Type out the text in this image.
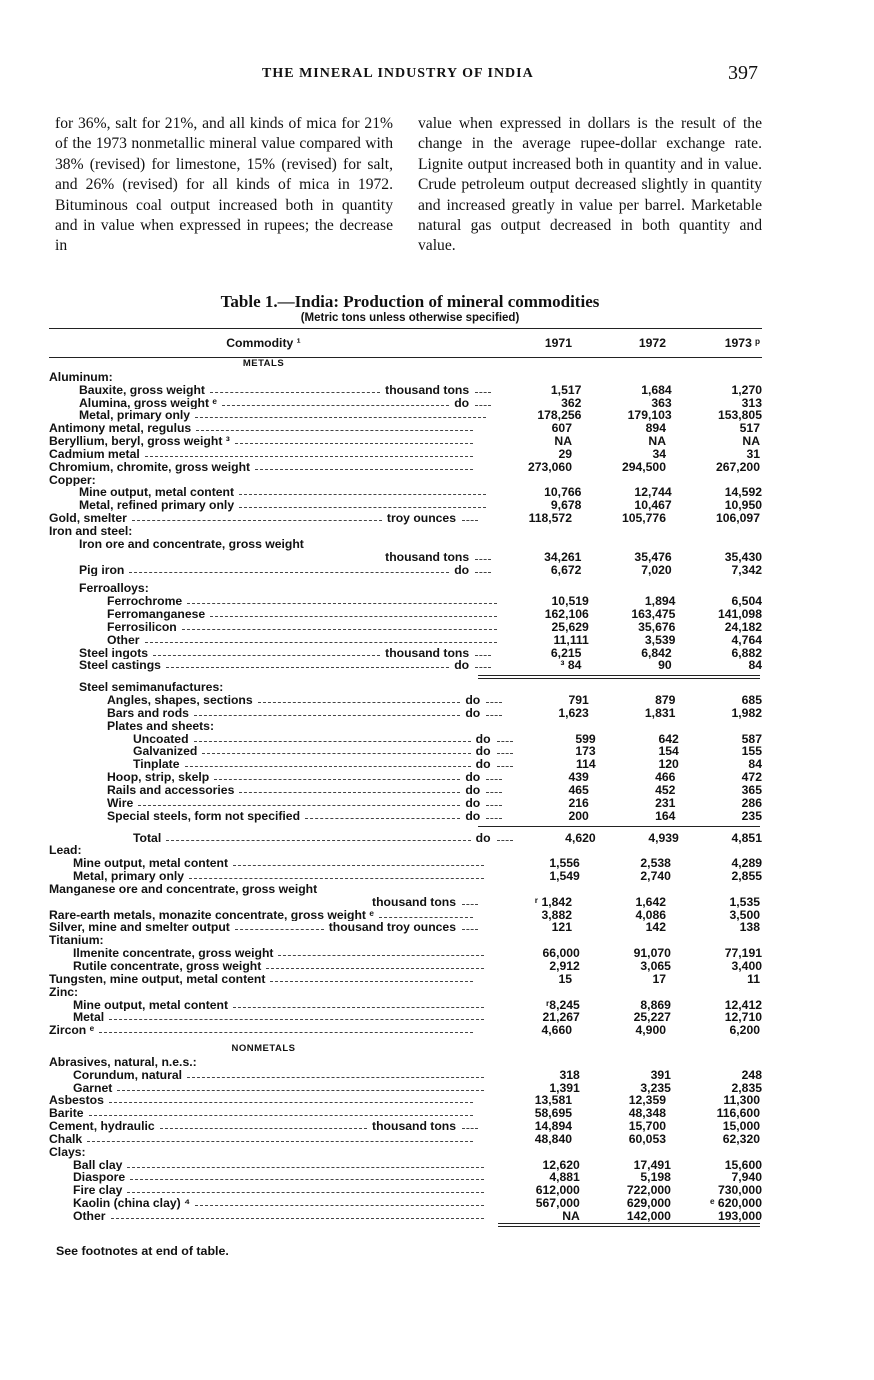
THE MINERAL INDUSTRY OF INDIA	397
for 36%, salt for 21%, and all kinds of mica for 21% of the 1973 nonmetallic mineral value compared with 38% (revised) for limestone, 15% (revised) for salt, and 26% (revised) for all kinds of mica in 1972. Bituminous coal output increased both in quantity and in value when expressed in rupees; the decrease in
value when expressed in dollars is the result of the change in the average rupee-dollar exchange rate. Lignite output increased both in quantity and in value. Crude petroleum output decreased slightly in quantity and increased greatly in value per barrel. Marketable natural gas output decreased in both quantity and value.
Table 1.—India: Production of mineral commodities
(Metric tons unless otherwise specified)
Commodity ¹	1971	1972	1973 ᵖ
METALS
Aluminum:
Bauxite, gross weight	thousand tons	1,517	1,684	1,270
Alumina, gross weight ᵉ	do	362	363	313
Metal, primary only	178,256	179,103	153,805
Antimony metal, regulus	607	894	517
Beryllium, beryl, gross weight ³	NA	NA	NA
Cadmium metal	29	34	31
Chromium, chromite, gross weight	273,060	294,500	267,200
Copper:
Mine output, metal content	10,766	12,744	14,592
Metal, refined primary only	9,678	10,467	10,950
Gold, smelter	troy ounces	118,572	105,776	106,097
Iron and steel:
Iron ore and concentrate, gross weight
thousand tons	34,261	35,476	35,430
Pig iron	do	6,672	7,020	7,342
Ferroalloys:
Ferrochrome	10,519	1,894	6,504
Ferromanganese	162,106	163,475	141,098
Ferrosilicon	25,629	35,676	24,182
Other	11,111	3,539	4,764
Steel ingots	thousand tons	6,215	6,842	6,882
Steel castings	do	³ 84	90	84
Steel semimanufactures:
Angles, shapes, sections	do	791	879	685
Bars and rods	do	1,623	1,831	1,982
Plates and sheets:
Uncoated	do	599	642	587
Galvanized	do	173	154	155
Tinplate	do	114	120	84
Hoop, strip, skelp	do	439	466	472
Rails and accessories	do	465	452	365
Wire	do	216	231	286
Special steels, form not specified	do	200	164	235
Total	do	4,620	4,939	4,851
Lead:
Mine output, metal content	1,556	2,538	4,289
Metal, primary only	1,549	2,740	2,855
Manganese ore and concentrate, gross weight
thousand tons	ʳ 1,842	1,642	1,535
Rare-earth metals, monazite concentrate, gross weight ᵉ	3,882	4,086	3,500
Silver, mine and smelter output	thousand troy ounces	121	142	138
Titanium:
Ilmenite concentrate, gross weight	66,000	91,070	77,191
Rutile concentrate, gross weight	2,912	3,065	3,400
Tungsten, mine output, metal content	15	17	11
Zinc:
Mine output, metal content	ʳ8,245	8,869	12,412
Metal	21,267	25,227	12,710
Zircon ᵉ	4,660	4,900	6,200
NONMETALS
Abrasives, natural, n.e.s.:
Corundum, natural	318	391	248
Garnet	1,391	3,235	2,835
Asbestos	13,581	12,359	11,300
Barite	58,695	48,348	116,600
Cement, hydraulic	thousand tons	14,894	15,700	15,000
Chalk	48,840	60,053	62,320
Clays:
Ball clay	12,620	17,491	15,600
Diaspore	4,881	5,198	7,940
Fire clay	612,000	722,000	730,000
Kaolin (china clay) ⁴	567,000	629,000	ᵉ 620,000
Other	NA	142,000	193,000
See footnotes at end of table.
